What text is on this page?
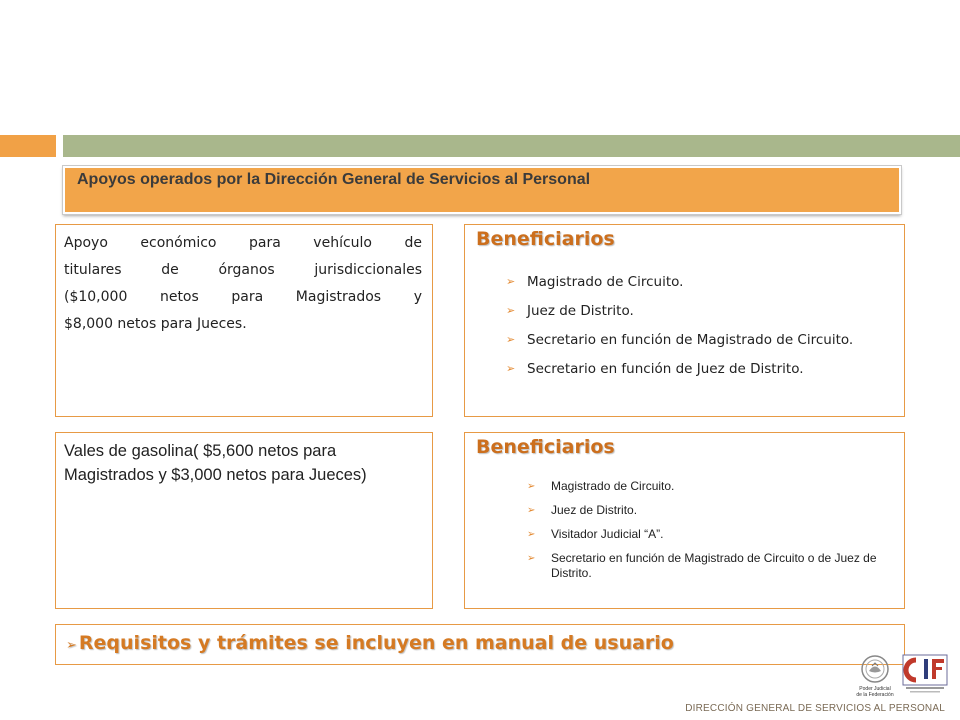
Apoyos operados por la Dirección General de Servicios al Personal
Apoyo económico para vehículo de
titulares de órganos jurisdiccionales
($10,000 netos para Magistrados y
$8,000 netos para Jueces.
Beneficiarios
➢ Magistrado de Circuito.
➢ Juez de Distrito.
➢ Secretario en función de Magistrado de Circuito.
➢ Secretario en función de Juez de Distrito.
Vales de gasolina( $5,600 netos para Magistrados y $3,000 netos para Jueces)
Beneficiarios
➢ Magistrado de Circuito.
➢ Juez de Distrito.
➢ Visitador Judicial “A”.
➢ Secretario en función de Magistrado de Circuito o de Juez de Distrito.
➢ Requisitos y trámites se incluyen en manual de usuario
Poder Judicial
de la Federación
DIRECCIÓN GENERAL DE SERVICIOS AL PERSONAL
